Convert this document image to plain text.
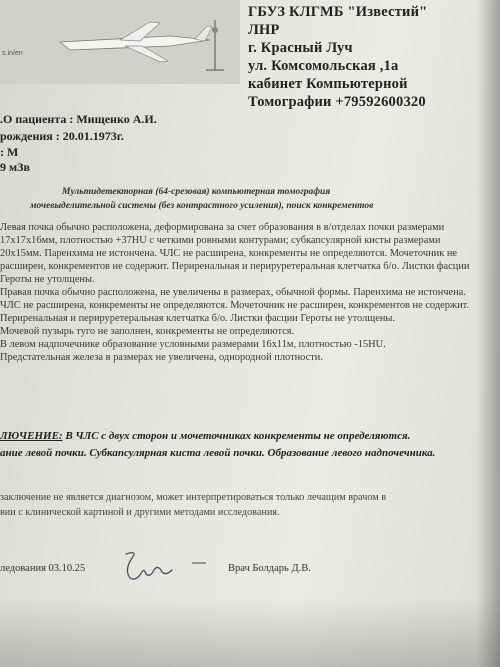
s.in/en
ГБУЗ КЛГМБ "Известий"
ЛНР
г. Красный Луч
ул. Комсомольская ,1а
кабинет Компьютерной
Томографии +79592600320
.О пациента : Мищенко А.И.
рождения : 20.01.1973г.
: М
9 мЗв
Мультидетекторная (64-срезовая) компьютерная томография
мочевыделительной системы (без контрастного усиления), поиск конкрементов

Левая почка обычно расположена, деформирована за счет образования в в/отделах почки размерами 17х17х16мм, плотностью +37HU с четкими ровными контурами; субкапсулярной кисты размерами 20х15мм. Паренхима не истончена. ЧЛС не расширена, конкременты не определяются. Мочеточник не расширен, конкрементов не содержит. Периренальная и перируретеральная клетчатка б/о. Листки фасции Героты не утолщены.

Правая почка обычно расположена, не увеличены в размерах, обычной формы. Паренхима не истончена. ЧЛС не расширена, конкременты не определяются. Мочеточник не расширен, конкрементов не содержит. Периренальная и перируретеральная клетчатка б/о. Листки фасции Героты не утолщены.

Мочевой пузырь туго не заполнен, конкременты не определяются.

В левом надпочечнике образование условными размерами 16х11м, плотностью -15HU.

Предстательная железа в размерах не увеличена, однородной плотности.

ЛЮЧЕНИЕ: В ЧЛС с двух сторон и мочеточниках конкременты не определяются.
ание левой почки. Субкапсулярная киста левой почки. Образование левого надпочечника.
заключение не является диагнозом, может интерпретироваться только лечащим врачом в
вии с клинической картиной и другими методами исследования.
ледования 03.10.25	Врач Болдарь Д.В.
